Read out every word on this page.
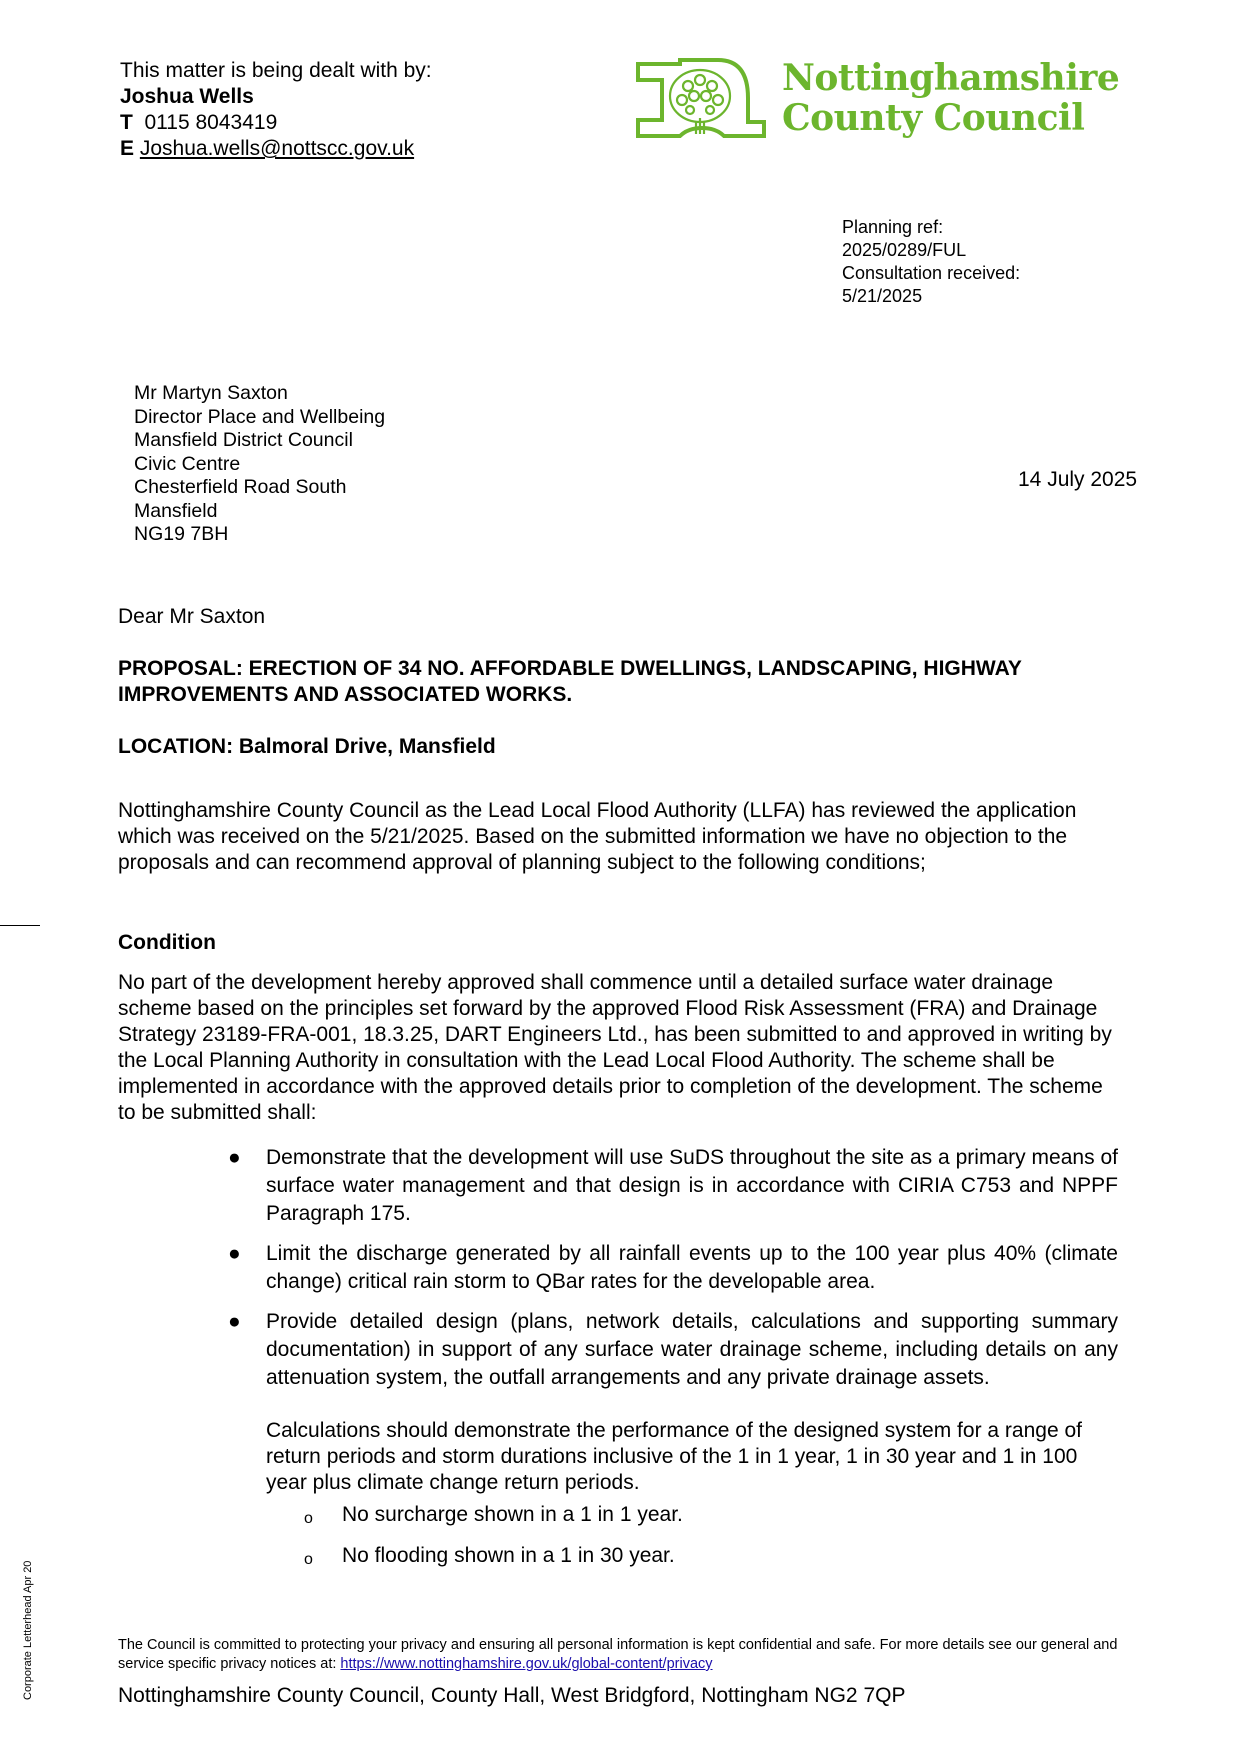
This matter is being dealt with by:
Joshua Wells
T 0115 8043419
E Joshua.wells@nottscc.gov.uk
Nottinghamshire
County Council
Planning ref:
2025/0289/FUL
Consultation received:
5/21/2025
Mr Martyn Saxton
Director Place and Wellbeing
Mansfield District Council
Civic Centre
Chesterfield Road South
Mansfield
NG19 7BH
14 July 2025
Dear Mr Saxton
PROPOSAL: ERECTION OF 34 NO. AFFORDABLE DWELLINGS, LANDSCAPING, HIGHWAY IMPROVEMENTS AND ASSOCIATED WORKS.
LOCATION: Balmoral Drive, Mansfield
Nottinghamshire County Council as the Lead Local Flood Authority (LLFA) has reviewed the application which was received on the 5/21/2025. Based on the submitted information we have no objection to the proposals and can recommend approval of planning subject to the following conditions;
Condition
No part of the development hereby approved shall commence until a detailed surface water drainage scheme based on the principles set forward by the approved Flood Risk Assessment (FRA) and Drainage Strategy 23189-FRA-001, 18.3.25, DART Engineers Ltd., has been submitted to and approved in writing by the Local Planning Authority in consultation with the Lead Local Flood Authority. The scheme shall be implemented in accordance with the approved details prior to completion of the development. The scheme to be submitted shall:
● Demonstrate that the development will use SuDS throughout the site as a primary means of surface water management and that design is in accordance with CIRIA C753 and NPPF Paragraph 175.
● Limit the discharge generated by all rainfall events up to the 100 year plus 40% (climate change) critical rain storm to QBar rates for the developable area.
● Provide detailed design (plans, network details, calculations and supporting summary documentation) in support of any surface water drainage scheme, including details on any attenuation system, the outfall arrangements and any private drainage assets.
Calculations should demonstrate the performance of the designed system for a range of return periods and storm durations inclusive of the 1 in 1 year, 1 in 30 year and 1 in 100 year plus climate change return periods.
o No surcharge shown in a 1 in 1 year.
o No flooding shown in a 1 in 30 year.
The Council is committed to protecting your privacy and ensuring all personal information is kept confidential and safe. For more details see our general and service specific privacy notices at: https://www.nottinghamshire.gov.uk/global-content/privacy
Nottinghamshire County Council, County Hall, West Bridgford, Nottingham NG2 7QP
Corporate Letterhead Apr 20
